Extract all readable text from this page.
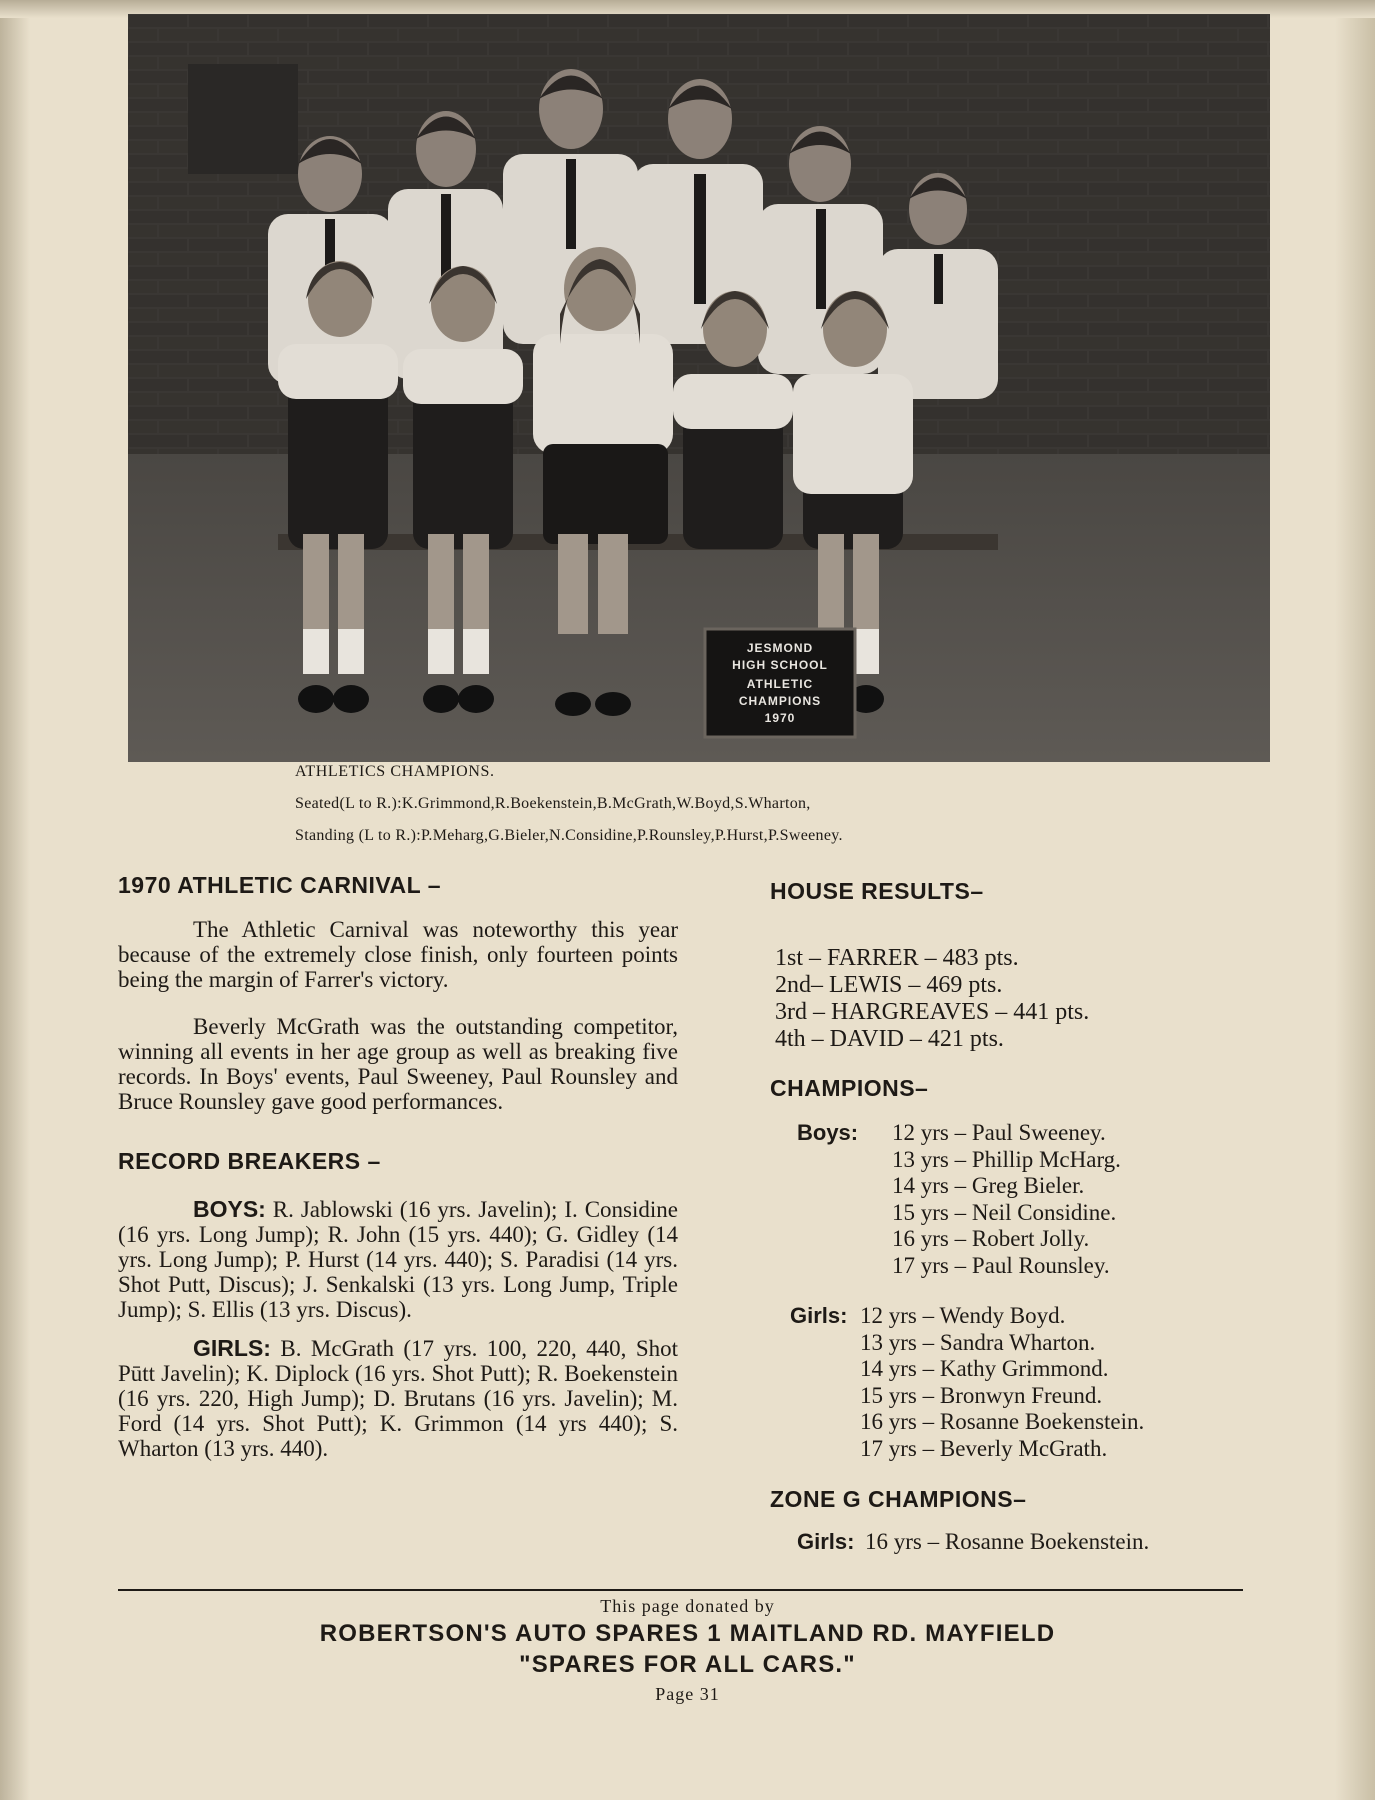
JESMOND
HIGH SCHOOL
ATHLETIC
CHAMPIONS
1970
ATHLETICS CHAMPIONS.
Seated(L to R.):K.Grimmond,R.Boekenstein,B.McGrath,W.Boyd,S.Wharton,
Standing (L to R.):P.Meharg,G.Bieler,N.Considine,P.Rounsley,P.Hurst,P.Sweeney.
1970 ATHLETIC CARNIVAL –

The Athletic Carnival was noteworthy this year because of the extremely close finish, only fourteen points being the margin of Farrer's victory.

Beverly McGrath was the outstanding competitor, winning all events in her age group as well as breaking five records. In Boys' events, Paul Sweeney, Paul Rounsley and Bruce Rounsley gave good performances.

RECORD BREAKERS –

BOYS: R. Jablowski (16 yrs. Javelin); I. Considine (16 yrs. Long Jump); R. John (15 yrs. 440); G. Gidley (14 yrs. Long Jump); P. Hurst (14 yrs. 440); S. Paradisi (14 yrs. Shot Putt, Discus); J. Senkalski (13 yrs. Long Jump, Triple Jump); S. Ellis (13 yrs. Discus).

GIRLS: B. McGrath (17 yrs. 100, 220, 440, Shot Pūtt Javelin); K. Diplock (16 yrs. Shot Putt); R. Boekenstein (16 yrs. 220, High Jump); D. Brutans (16 yrs. Javelin); M. Ford (14 yrs. Shot Putt); K. Grimmon (14 yrs 440); S. Wharton (13 yrs. 440).

HOUSE RESULTS–
1st – FARRER – 483 pts.
2nd– LEWIS – 469 pts.
3rd – HARGREAVES – 441 pts.
4th – DAVID – 421 pts.
CHAMPIONS–
Boys: 12 yrs – Paul Sweeney.
13 yrs – Phillip McHarg.
14 yrs – Greg Bieler.
15 yrs – Neil Considine.
16 yrs – Robert Jolly.
17 yrs – Paul Rounsley.
Girls: 12 yrs – Wendy Boyd.
13 yrs – Sandra Wharton.
14 yrs – Kathy Grimmond.
15 yrs – Bronwyn Freund.
16 yrs – Rosanne Boekenstein.
17 yrs – Beverly McGrath.
ZONE G CHAMPIONS–
Girls: 16 yrs – Rosanne Boekenstein.
This page donated by
ROBERTSON'S AUTO SPARES 1 MAITLAND RD. MAYFIELD
"SPARES FOR ALL CARS."
Page 31
